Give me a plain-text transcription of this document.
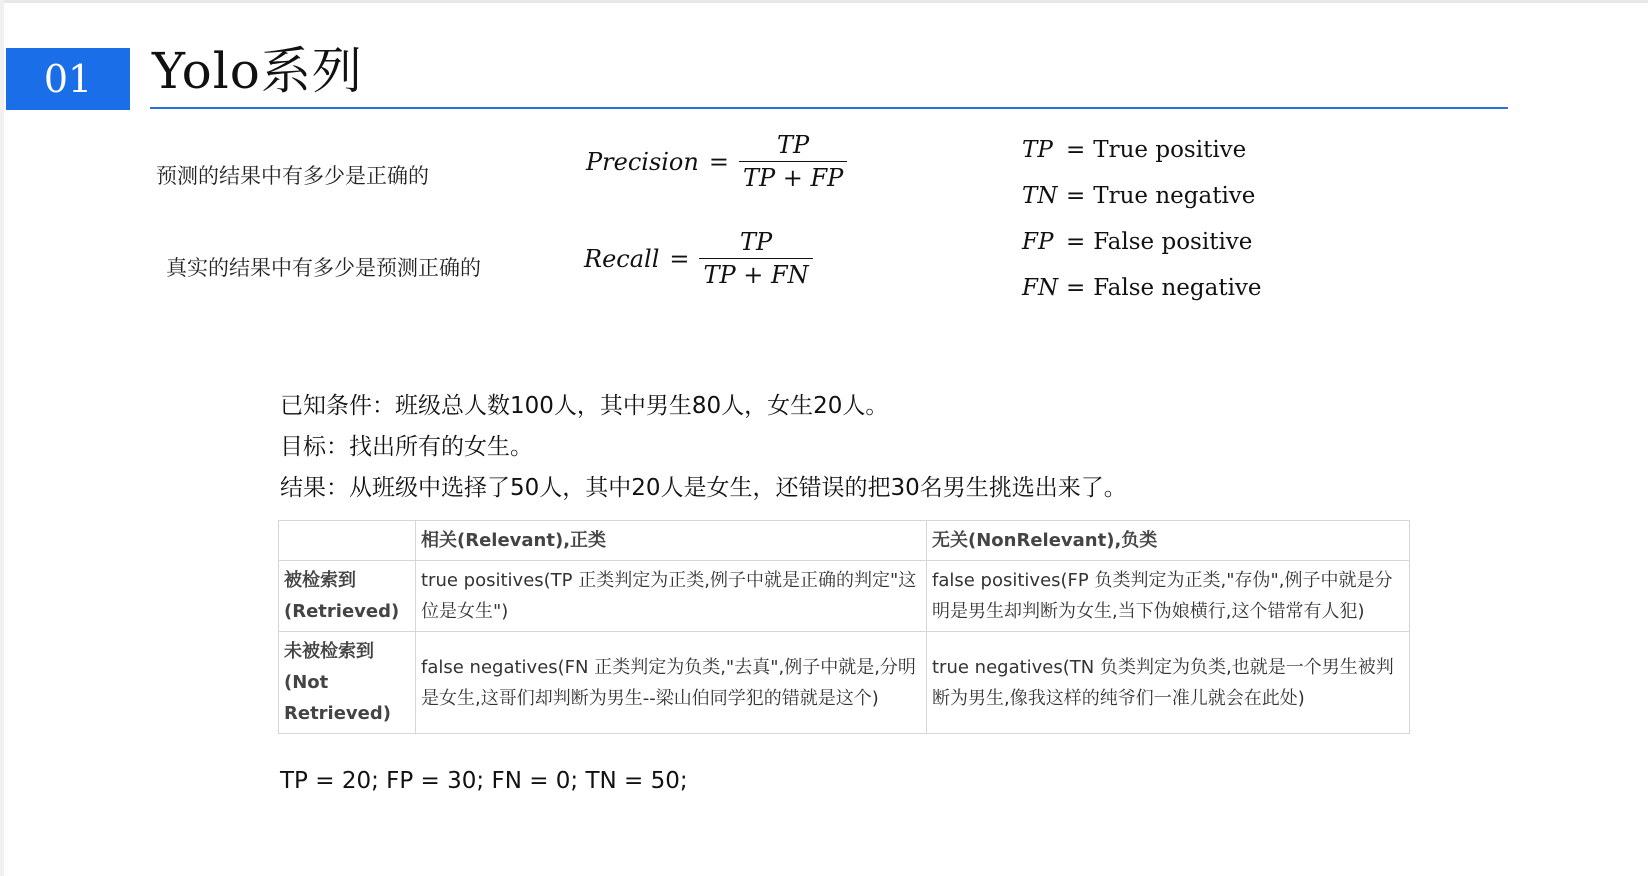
01	Yolo系列
预测的结果中有多少是正确的
真实的结果中有多少是预测正确的
Precision = $\frac{TP}{TP + FP}$
Recall = $\frac{TP}{TP + FN}$
TP = True positive
TN = True negative
FP = False positive
FN = False negative
已知条件：班级总人数100人，其中男生80人，女生20人。
目标：找出所有的女生。
结果：从班级中选择了50人，其中20人是女生，还错误的把30名男生挑选出来了。
	相关(Relevant),正类	无关(NonRelevant),负类
被检索到(Retrieved)	true positives(TP 正类判定为正类,例子中就是正确的判定"这位是女生")	false positives(FP 负类判定为正类,"存伪",例子中就是分明是男生却判断为女生,当下伪娘横行,这个错常有人犯)
未被检索到(Not Retrieved)	false negatives(FN 正类判定为负类,"去真",例子中就是,分明是女生,这哥们却判断为男生--梁山伯同学犯的错就是这个)	true negatives(TN 负类判定为负类,也就是一个男生被判断为男生,像我这样的纯爷们一准儿就会在此处)
TP = 20; FP = 30; FN = 0; TN = 50;
